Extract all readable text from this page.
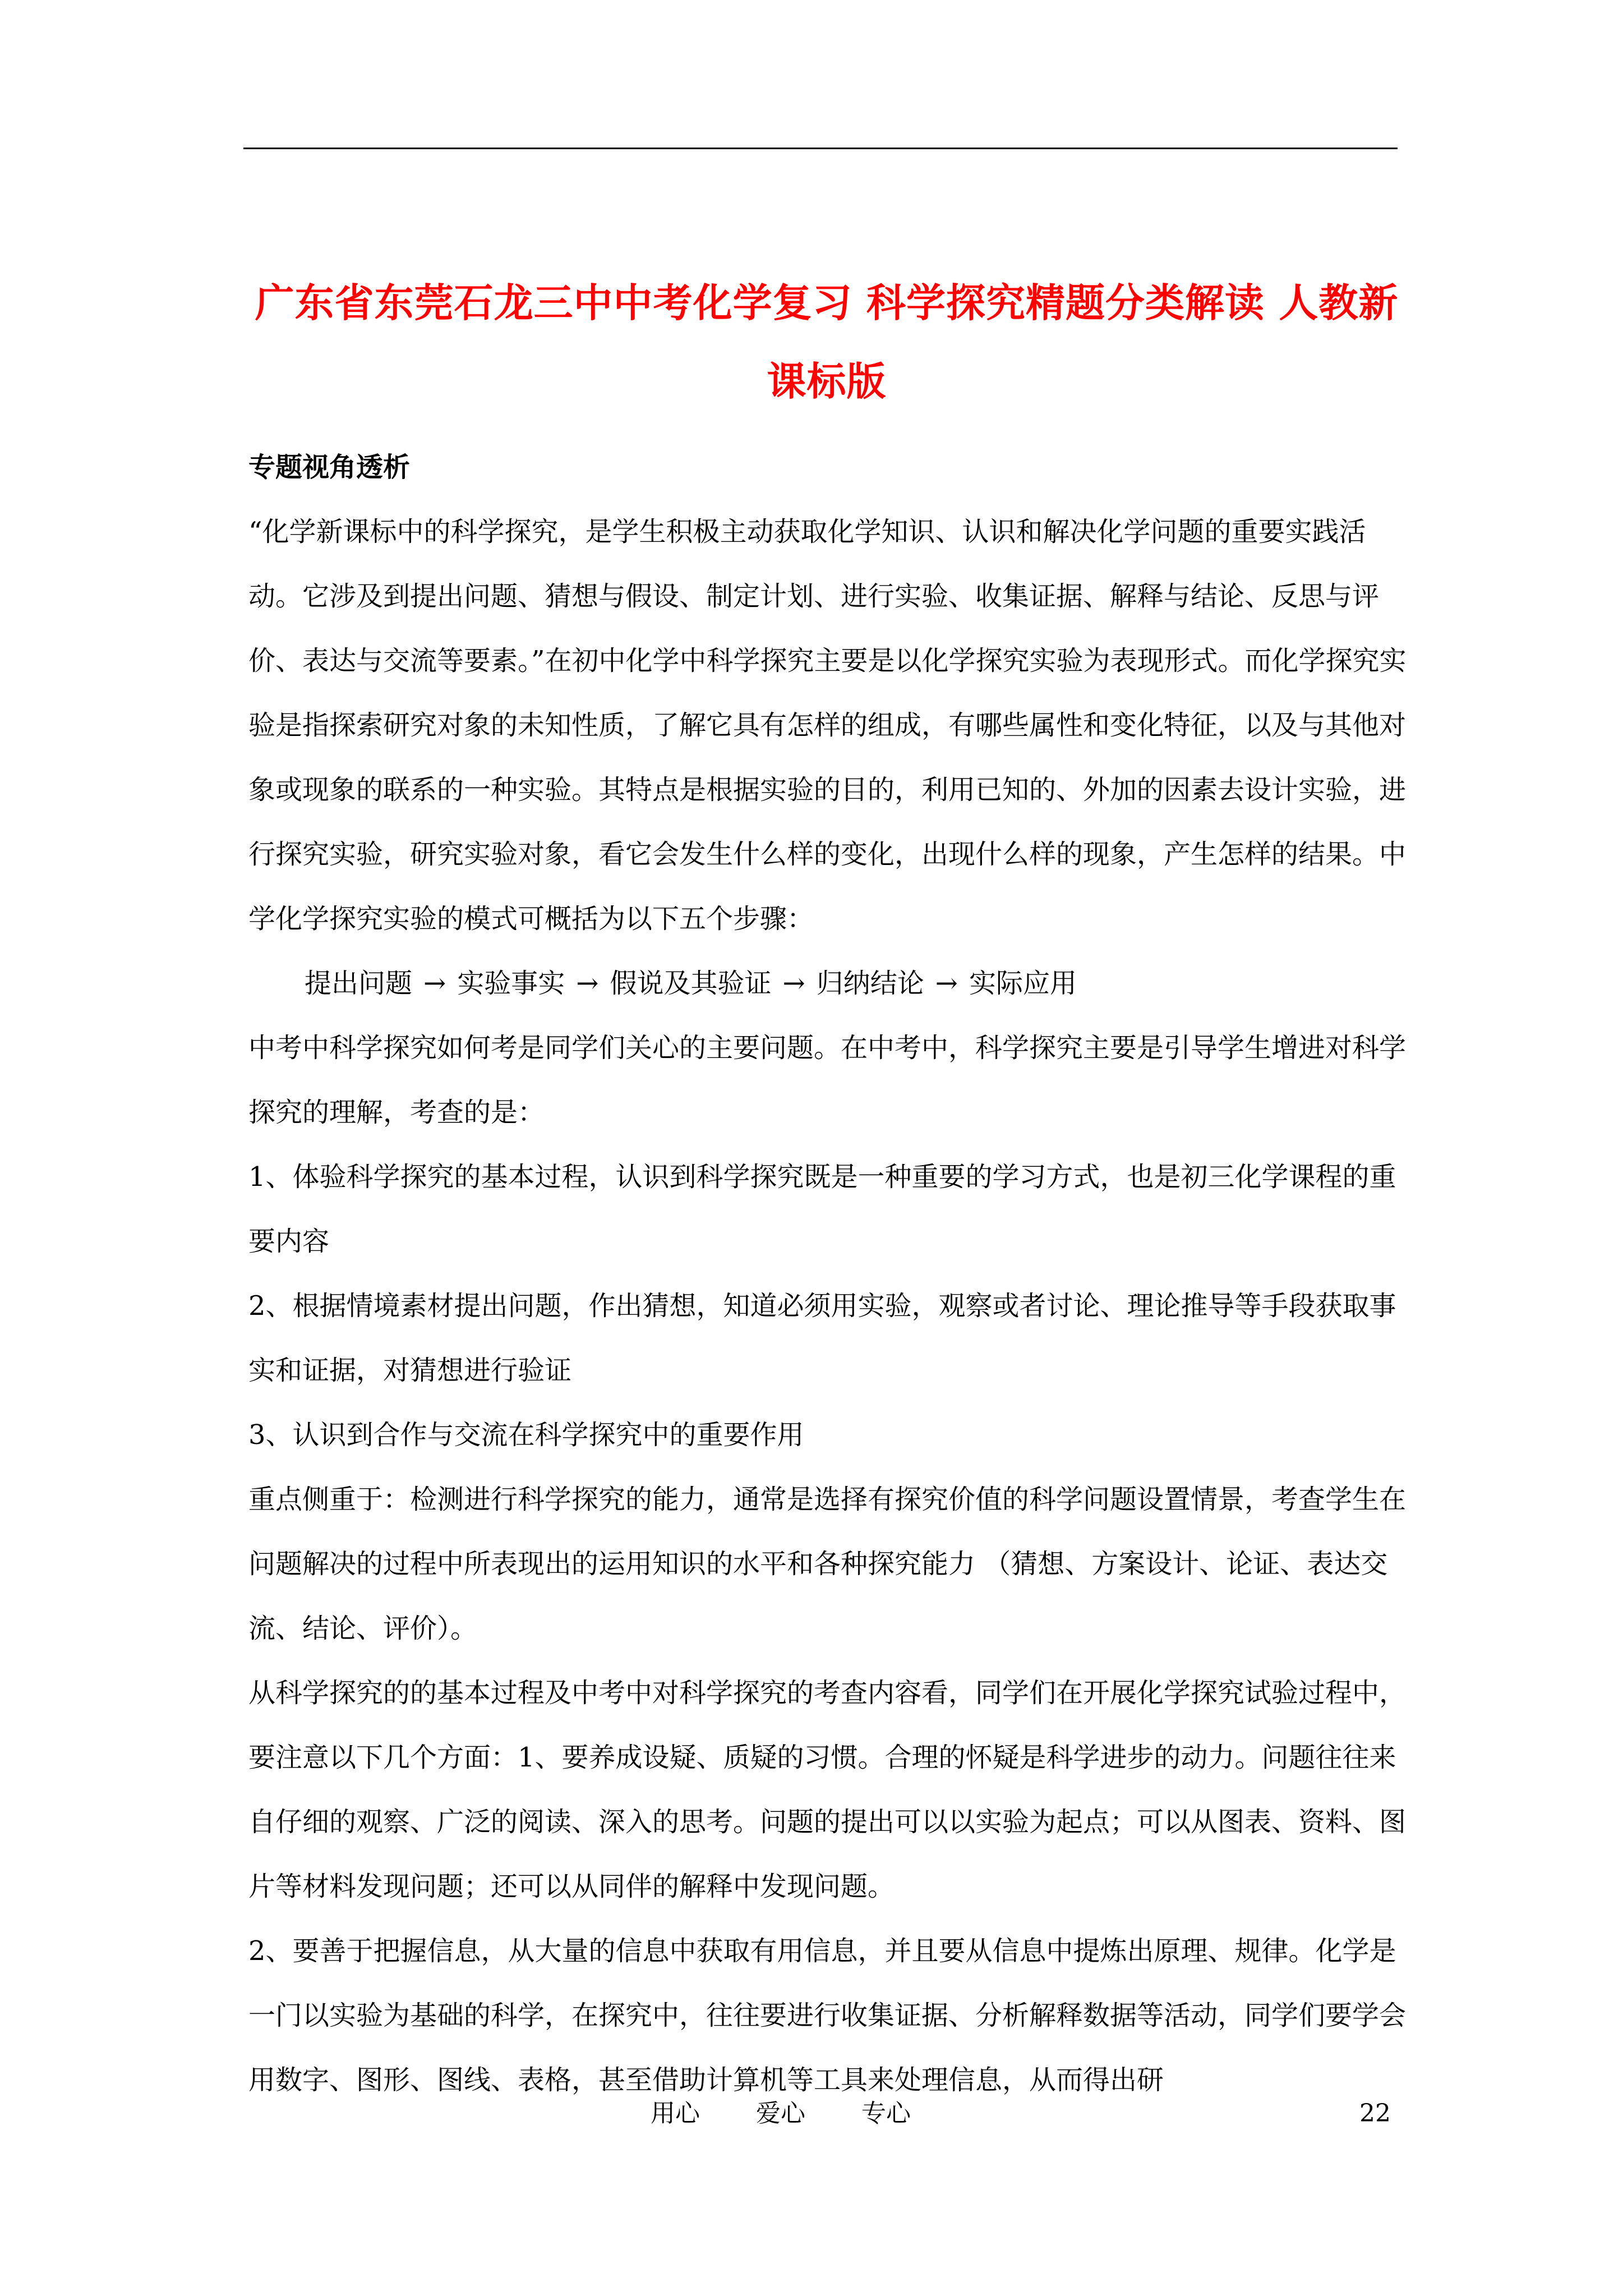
广东省东莞石龙三中中考化学复习 科学探究精题分类解读 人教新课标版

专题视角透析

“化学新课标中的科学探究，是学生积极主动获取化学知识、认识和解决化学问题的重要实践活动。它涉及到提出问题、猜想与假设、制定计划、进行实验、收集证据、解释与结论、反思与评价、表达与交流等要素。”在初中化学中科学探究主要是以化学探究实验为表现形式。而化学探究实验是指探索研究对象的未知性质，了解它具有怎样的组成，有哪些属性和变化特征，以及与其他对象或现象的联系的一种实验。其特点是根据实验的目的，利用已知的、外加的因素去设计实验，进行探究实验，研究实验对象，看它会发生什么样的变化，出现什么样的现象，产生怎样的结果。中学化学探究实验的模式可概括为以下五个步骤：

提出问题 → 实验事实 → 假说及其验证 → 归纳结论 → 实际应用

中考中科学探究如何考是同学们关心的主要问题。在中考中，科学探究主要是引导学生增进对科学探究的理解，考查的是：

1、体验科学探究的基本过程，认识到科学探究既是一种重要的学习方式，也是初三化学课程的重要内容

2、根据情境素材提出问题，作出猜想，知道必须用实验，观察或者讨论、理论推导等手段获取事实和证据，对猜想进行验证

3、认识到合作与交流在科学探究中的重要作用

重点侧重于：检测进行科学探究的能力，通常是选择有探究价值的科学问题设置情景，考查学生在问题解决的过程中所表现出的运用知识的水平和各种探究能力 （猜想、方案设计、论证、表达交流、结论、评价）。

从科学探究的的基本过程及中考中对科学探究的考查内容看，同学们在开展化学探究试验过程中，要注意以下几个方面：1、要养成设疑、质疑的习惯。合理的怀疑是科学进步的动力。问题往往来自仔细的观察、广泛的阅读、深入的思考。问题的提出可以以实验为起点；可以从图表、资料、图片等材料发现问题；还可以从同伴的解释中发现问题。

2、要善于把握信息，从大量的信息中获取有用信息，并且要从信息中提炼出原理、规律。化学是一门以实验为基础的科学，在探究中，往往要进行收集证据、分析解释数据等活动，同学们要学会用数字、图形、图线、表格，甚至借助计算机等工具来处理信息，从而得出研

用心 爱心 专心	22
